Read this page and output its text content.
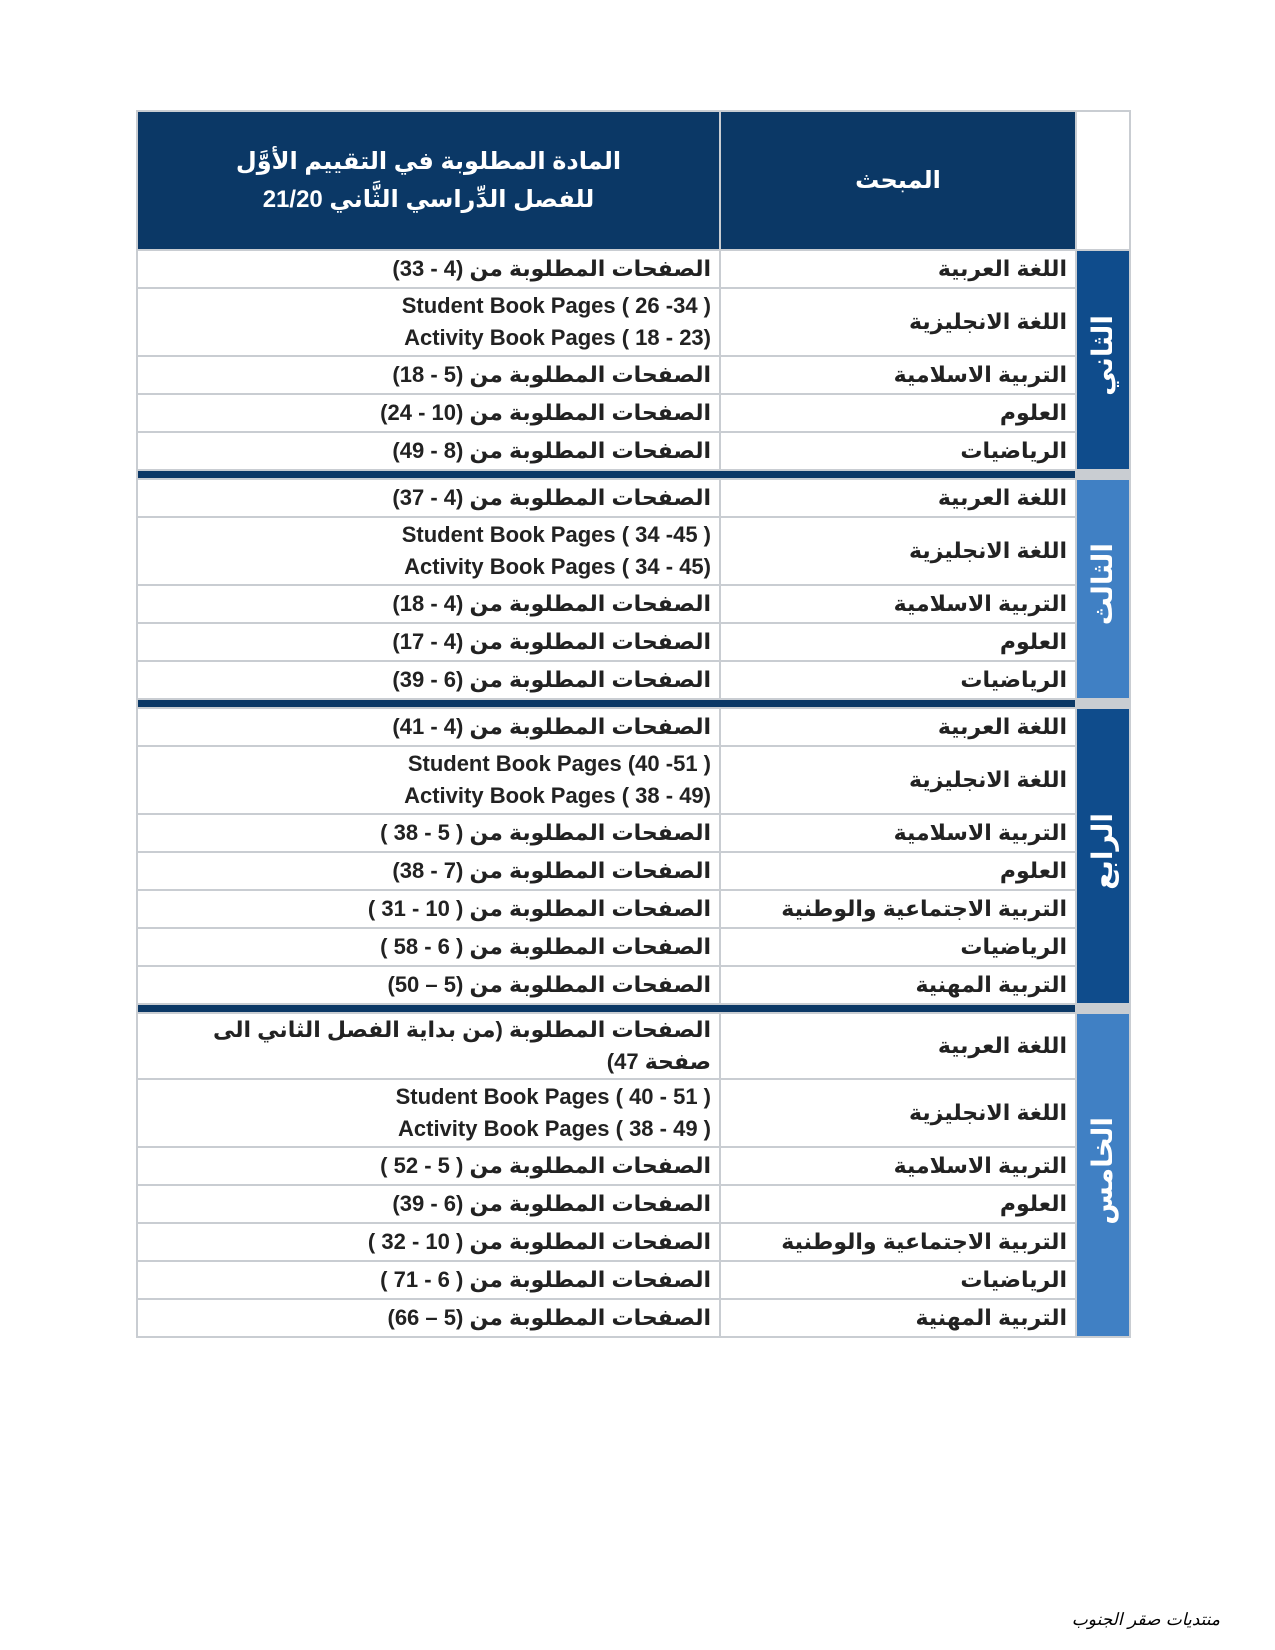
	المبحث	المادة المطلوبة في التقييم الأوَّل
للفصل الدِّراسي الثَّاني 21/20

الثاني	اللغة العربية	الصفحات المطلوبة من (4 - 33)

	اللغة الانجليزية	Student Book Pages ( 26 -34 )
Activity Book Pages ( 18 - 23)

	التربية الاسلامية	الصفحات المطلوبة من (5 - 18)

	العلوم	الصفحات المطلوبة من (10 - 24)

	الرياضيات	الصفحات المطلوبة من (8 - 49)

الثالث	اللغة العربية	الصفحات المطلوبة من (4 - 37)

	اللغة الانجليزية	Student Book Pages ( 34 -45 )
Activity Book Pages ( 34 - 45)

	التربية الاسلامية	الصفحات المطلوبة من (4 - 18)

	العلوم	الصفحات المطلوبة من (4 - 17)

	الرياضيات	الصفحات المطلوبة من (6 - 39)

الرابع	اللغة العربية	الصفحات المطلوبة من (4 - 41)

	اللغة الانجليزية	Student Book Pages (40 -51 )
Activity Book Pages ( 38 - 49)

	التربية الاسلامية	الصفحات المطلوبة من ( 5 - 38 )

	العلوم	الصفحات المطلوبة من (7 - 38)

	التربية الاجتماعية والوطنية	الصفحات المطلوبة من ( 10 - 31 )

	الرياضيات	الصفحات المطلوبة من ( 6 - 58 )

	التربية المهنية	الصفحات المطلوبة من (5 – 50)

الخامس	اللغة العربية	الصفحات المطلوبة (من بداية الفصل الثاني الى صفحة 47)

	اللغة الانجليزية	Student Book Pages ( 40 - 51 )
Activity Book Pages ( 38 - 49 )

	التربية الاسلامية	الصفحات المطلوبة من ( 5 - 52 )

	العلوم	الصفحات المطلوبة من (6 - 39)

	التربية الاجتماعية والوطنية	الصفحات المطلوبة من ( 10 - 32 )

	الرياضيات	الصفحات المطلوبة من ( 6 - 71 )

	التربية المهنية	الصفحات المطلوبة من (5 – 66)
منتديات صقر الجنوب
